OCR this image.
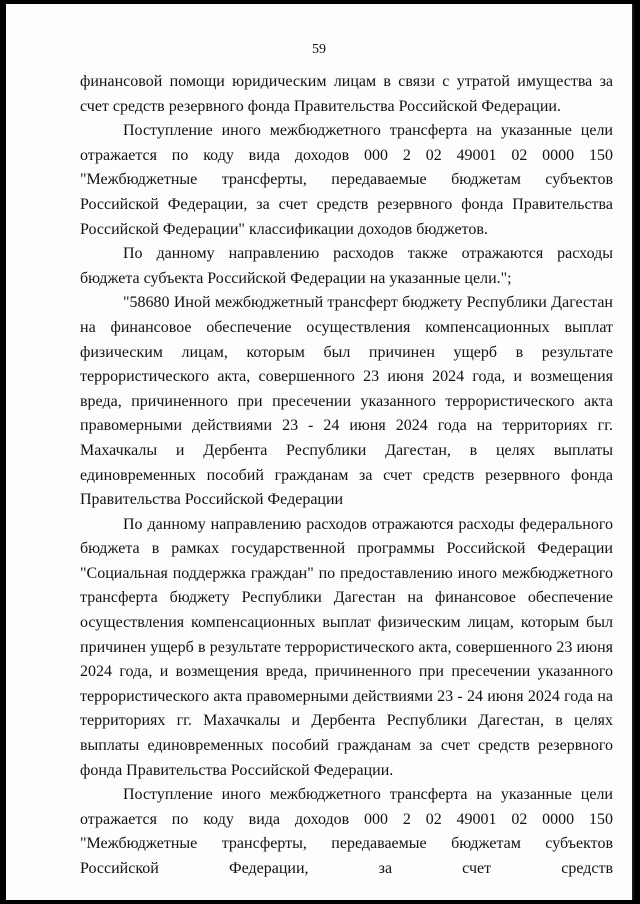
59

финансовой помощи юридическим лицам в связи с утратой имущества за счет средств резервного фонда Правительства Российской Федерации.

Поступление иного межбюджетного трансферта на указанные цели отражается по коду вида доходов 000 2 02 49001 02 0000 150 "Межбюджетные трансферты, передаваемые бюджетам субъектов Российской Федерации, за счет средств резервного фонда Правительства Российской Федерации" классификации доходов бюджетов.

По данному направлению расходов также отражаются расходы бюджета субъекта Российской Федерации на указанные цели.";

"58680 Иной межбюджетный трансферт бюджету Республики Дагестан на финансовое обеспечение осуществления компенсационных выплат физическим лицам, которым был причинен ущерб в результате террористического акта, совершенного 23 июня 2024 года, и возмещения вреда, причиненного при пресечении указанного террористического акта правомерными действиями 23 - 24 июня 2024 года на территориях гг. Махачкалы и Дербента Республики Дагестан, в целях выплаты единовременных пособий гражданам за счет средств резервного фонда Правительства Российской Федерации

По данному направлению расходов отражаются расходы федерального бюджета в рамках государственной программы Российской Федерации "Социальная поддержка граждан" по предоставлению иного межбюджетного трансферта бюджету Республики Дагестан на финансовое обеспечение осуществления компенсационных выплат физическим лицам, которым был причинен ущерб в результате террористического акта, совершенного 23 июня 2024 года, и возмещения вреда, причиненного при пресечении указанного террористического акта правомерными действиями 23 - 24 июня 2024 года на территориях гг. Махачкалы и Дербента Республики Дагестан, в целях выплаты единовременных пособий гражданам за счет средств резервного фонда Правительства Российской Федерации.

Поступление иного межбюджетного трансферта на указанные цели отражается по коду вида доходов 000 2 02 49001 02 0000 150 "Межбюджетные трансферты, передаваемые бюджетам субъектов Российской Федерации, за счет средств
